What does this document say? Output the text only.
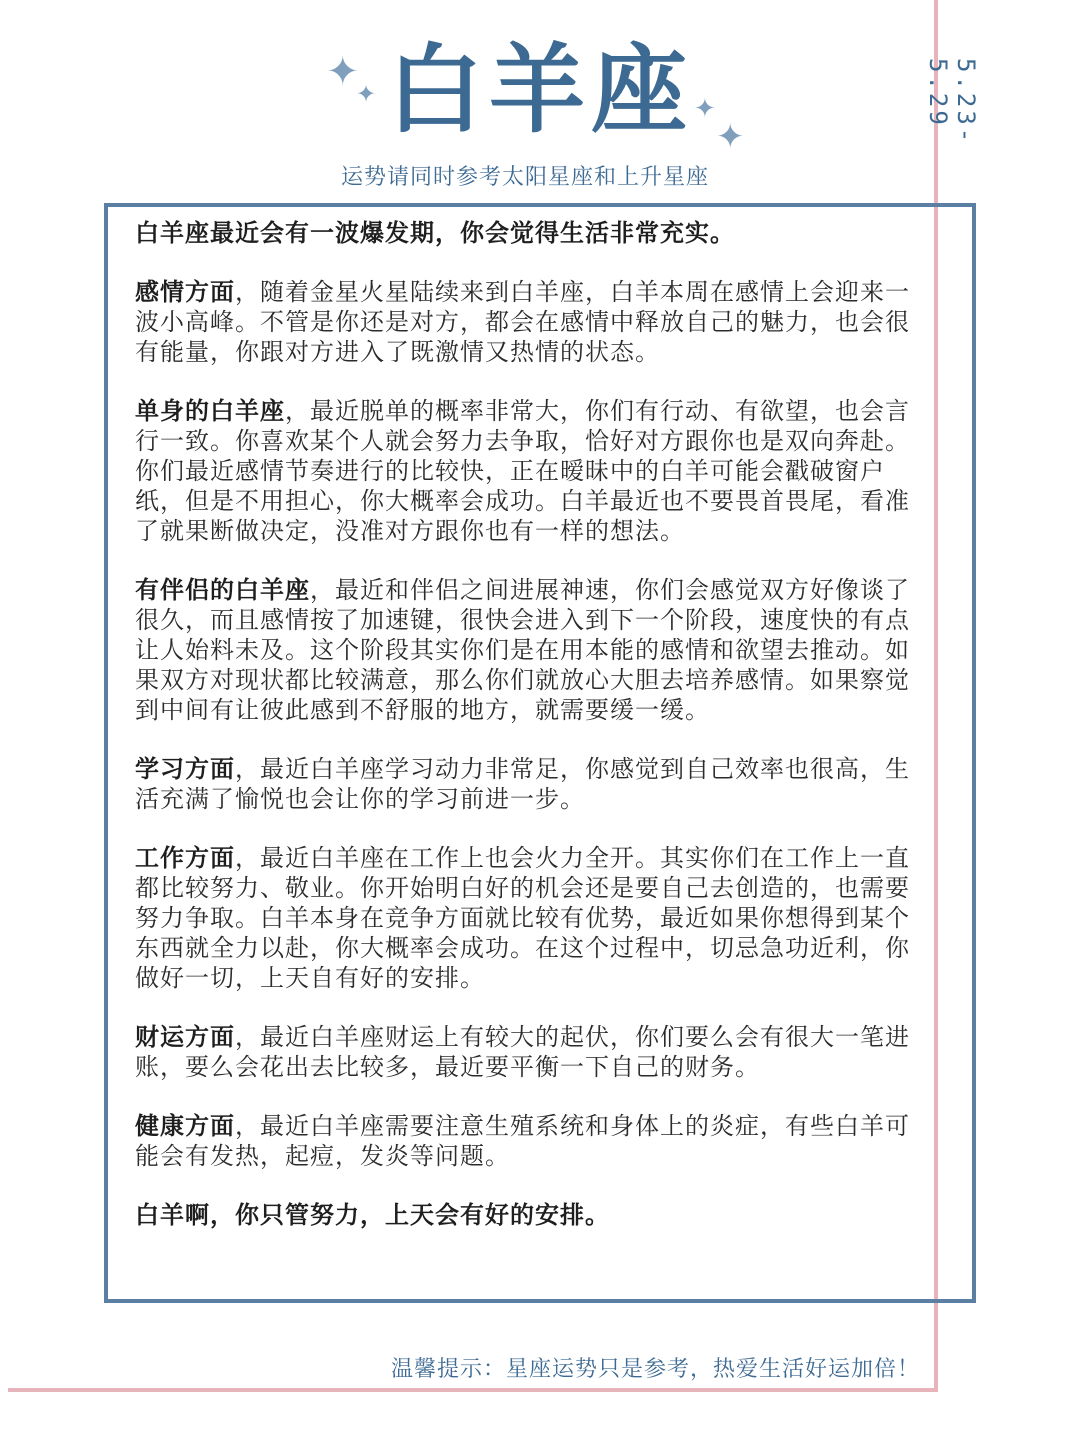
✦
✦	✦
✦
白羊座
运势请同时参考太阳星座和上升星座
5.23-5.29

白羊座最近会有一波爆发期，你会觉得生活非常充实。

感情方面，随着金星火星陆续来到白羊座，白羊本周在感情上会迎来一波小高峰。不管是你还是对方，都会在感情中释放自己的魅力，也会很有能量，你跟对方进入了既激情又热情的状态。

单身的白羊座，最近脱单的概率非常大，你们有行动、有欲望，也会言行一致。你喜欢某个人就会努力去争取，恰好对方跟你也是双向奔赴。你们最近感情节奏进行的比较快，正在暧昧中的白羊可能会戳破窗户纸，但是不用担心，你大概率会成功。白羊最近也不要畏首畏尾，看准了就果断做决定，没准对方跟你也有一样的想法。

有伴侣的白羊座，最近和伴侣之间进展神速，你们会感觉双方好像谈了很久，而且感情按了加速键，很快会进入到下一个阶段，速度快的有点让人始料未及。这个阶段其实你们是在用本能的感情和欲望去推动。如果双方对现状都比较满意，那么你们就放心大胆去培养感情。如果察觉到中间有让彼此感到不舒服的地方，就需要缓一缓。

学习方面，最近白羊座学习动力非常足，你感觉到自己效率也很高，生活充满了愉悦也会让你的学习前进一步。

工作方面，最近白羊座在工作上也会火力全开。其实你们在工作上一直都比较努力、敬业。你开始明白好的机会还是要自己去创造的，也需要努力争取。白羊本身在竞争方面就比较有优势，最近如果你想得到某个东西就全力以赴，你大概率会成功。在这个过程中，切忌急功近利，你做好一切，上天自有好的安排。

财运方面，最近白羊座财运上有较大的起伏，你们要么会有很大一笔进账，要么会花出去比较多，最近要平衡一下自己的财务。

健康方面，最近白羊座需要注意生殖系统和身体上的炎症，有些白羊可能会有发热，起痘，发炎等问题。

白羊啊，你只管努力，上天会有好的安排。

温馨提示：星座运势只是参考，热爱生活好运加倍！
